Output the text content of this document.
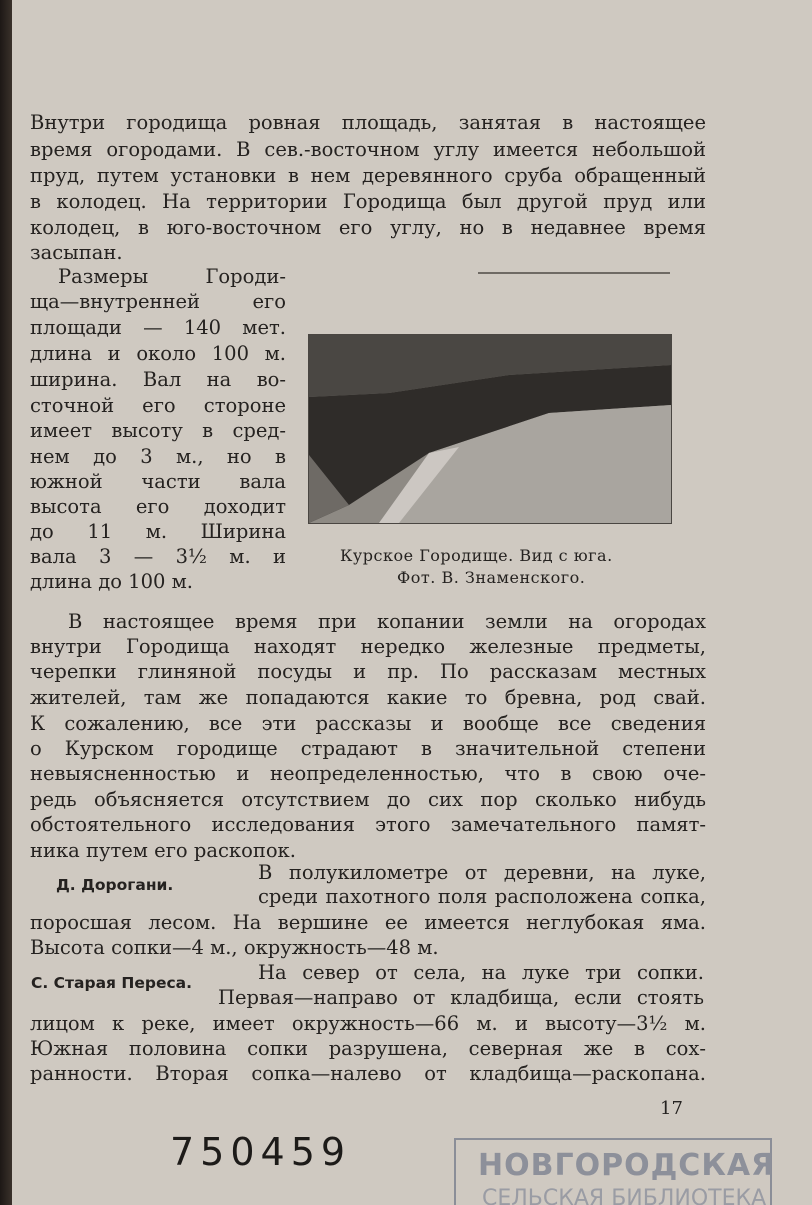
Внутри городища ровная площадь, занятая в настоящее
время огородами. В сев.-восточном углу имеется небольшой
пруд, путем установки в нем деревянного сруба обращенный
в колодец. На территории Городища был другой пруд или
колодец, в юго-восточном его углу, но в недавнее время
засыпан.
Размеры Городи-
ща—внутренней его
площади — 140 мет.
длина и около 100 м.
ширина. Вал на во-
сточной его стороне
имеет высоту в сред-
нем до 3 м., но в
южной части вала
высота его доходит
до 11 м. Ширина
вала 3 — 3½ м. и
длина до 100 м.
Курское Городище. Вид с юга.
Фот. В. Знаменского.
В настоящее время при копании земли на огородах
внутри Городища находят нередко железные предметы,
черепки глиняной посуды и пр. По рассказам местных
жителей, там же попадаются какие то бревна, род свай.
К сожалению, все эти рассказы и вообще все сведения
о Курском городище страдают в значительной степени
невыясненностью и неопределенностью, что в свою оче-
редь объясняется отсутствием до сих пор сколько нибудь
обстоятельного исследования этого замечательного памят-
ника путем его раскопок.
Д. Дорогани.
В полукилометре от деревни, на луке,
среди пахотного поля расположена сопка,
поросшая лесом. На вершине ее имеется неглубокая яма.
Высота сопки—4 м., окружность—48 м.
С. Старая Переса.	На север от села, на луке три сопки.
Первая—направо от кладбища, если стоять
лицом к реке, имеет окружность—66 м. и высоту—3½ м.
Южная половина сопки разрушена, северная же в сох-
ранности. Вторая сопка—налево от кладбища—раскопана.
17
750459	НОВГОРОДСКАЯ
СЕЛЬСКАЯ БИБЛИОТЕКА
